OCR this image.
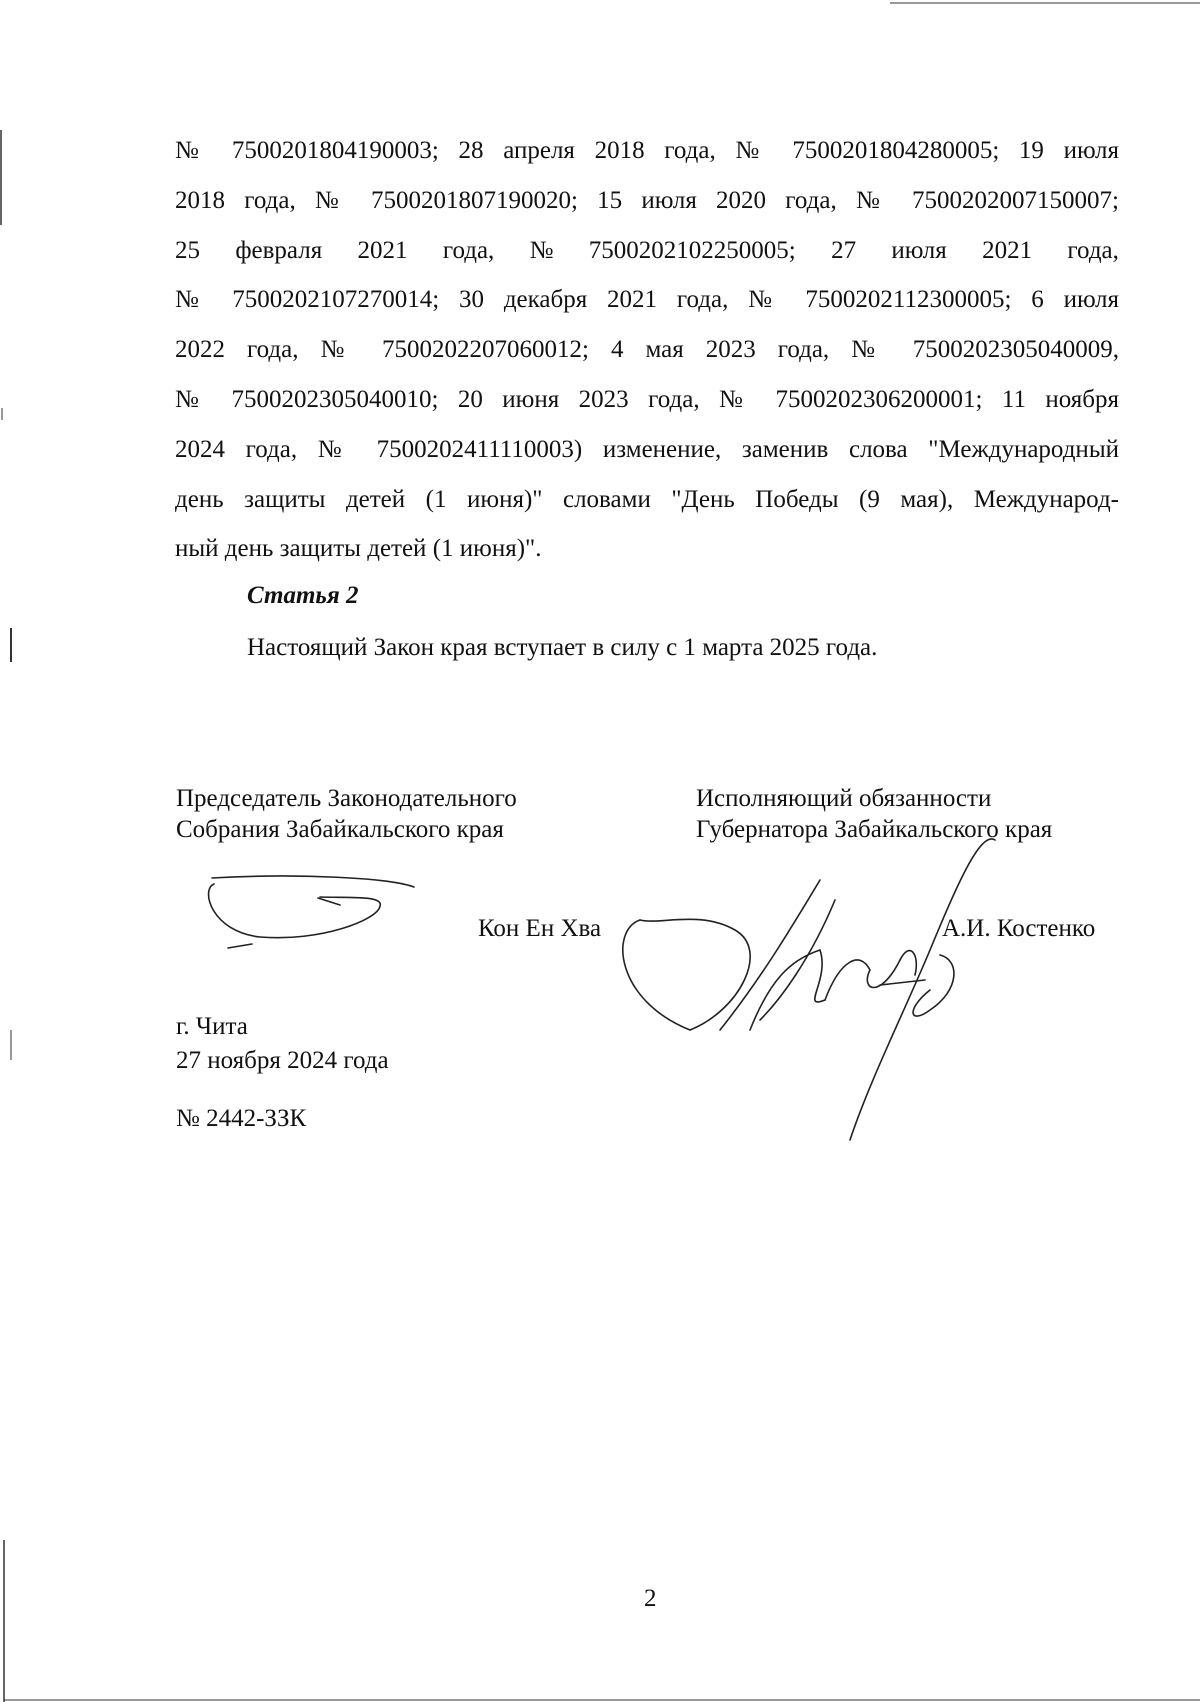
№ 7500201804190003; 28 апреля 2018 года, № 7500201804280005; 19 июля
2018 года, № 7500201807190020; 15 июля 2020 года, № 7500202007150007;
25 февраля 2021 года, № 7500202102250005; 27 июля 2021 года,
№ 7500202107270014; 30 декабря 2021 года, № 7500202112300005; 6 июля
2022 года, № 7500202207060012; 4 мая 2023 года, № 7500202305040009,
№ 7500202305040010; 20 июня 2023 года, № 7500202306200001; 11 ноября
2024 года, № 7500202411110003) изменение, заменив слова "Международный
день защиты детей (1 июня)" словами "День Победы (9 мая), Международ-
ный день защиты детей (1 июня)".
Статья 2
Настоящий Закон края вступает в силу с 1 марта 2025 года.
Председатель Законодательного
Собрания Забайкальского края
Исполняющий обязанности
Губернатора Забайкальского края
Кон Ен Хва	А.И. Костенко
г. Чита
27 ноября 2024 года
№ 2442-ЗЗК
2
